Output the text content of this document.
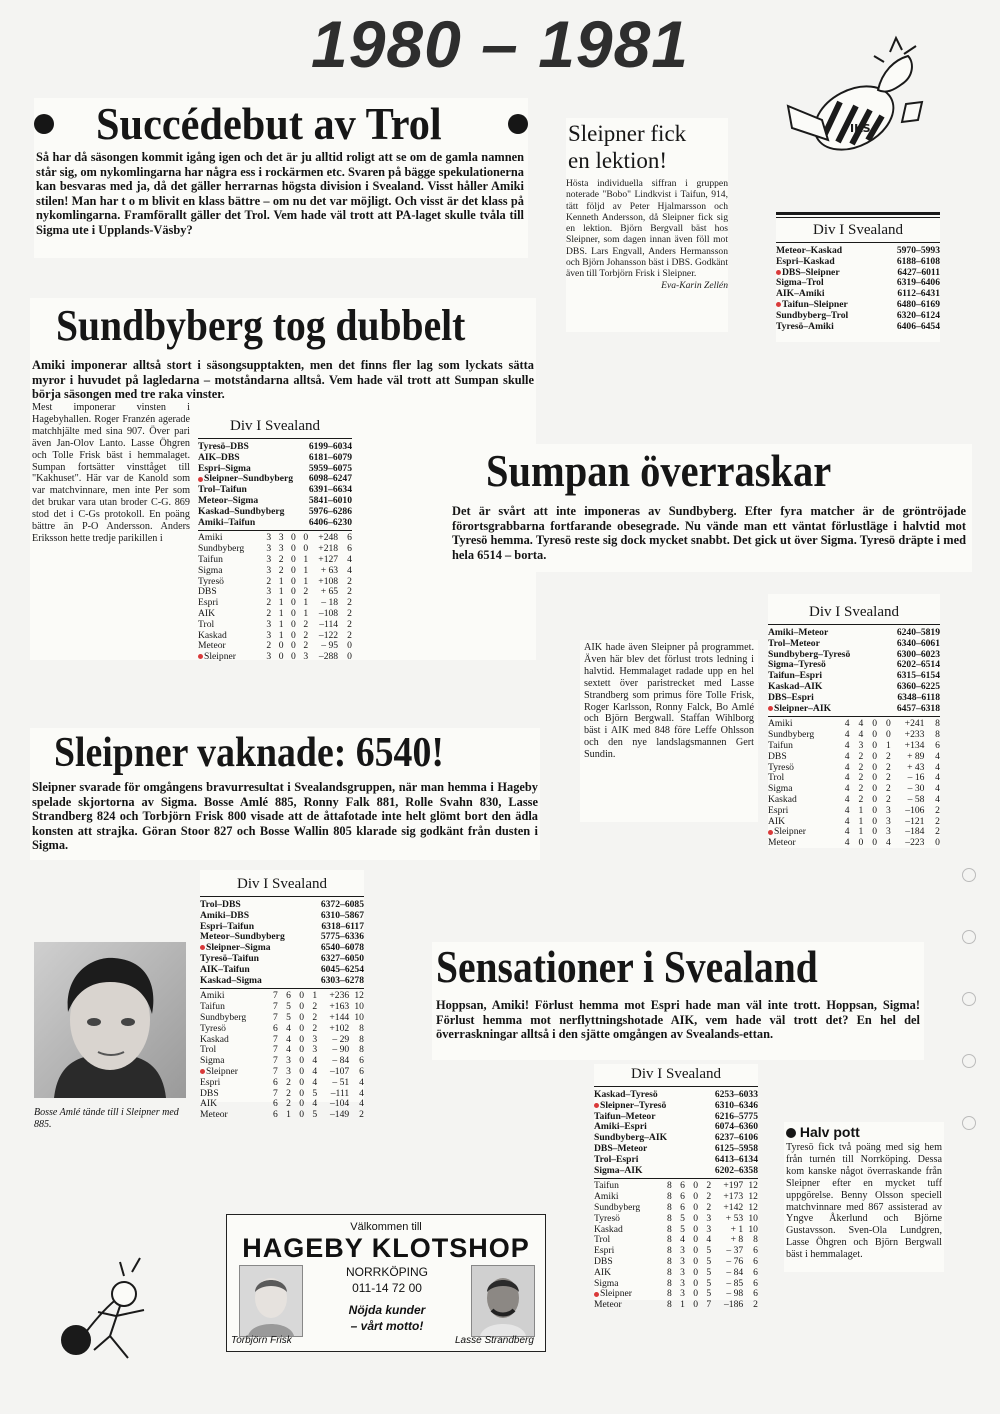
1980 – 1981
Succédebut av Trol
Så har då säsongen kommit igång igen och det är ju alltid roligt att se om de gamla namnen står sig, om nykomlingarna har några ess i rockärmen etc. Svaren på bägge spekulationerna kan besvaras med ja, då det gäller herrarnas högsta division i Svealand. Visst håller Amiki stilen! Man har t o m blivit en klass bättre – om nu det var möjligt. Och visst är det klass på nykomlingarna. Framförallt gäller det Trol. Vem hade väl trott att PA-laget skulle tvåla till Sigma ute i Upplands-Väsby?
Sleipner fick
en lektion!
Hösta individuella siffran i gruppen noterade "Bobo" Lindkvist i Taifun, 914, tätt följd av Peter Hjalmarsson och Kenneth Andersson, då Sleipner fick sig en lektion. Björn Bergvall bäst hos Sleipner, som dagen innan även föll mot DBS. Lars Engvall, Anders Hermansson och Björn Johansson bäst i DBS. Godkänt även till Torbjörn Frisk i Sleipner.
Eva-Karin Zellén
IKS
Div I Svealand
Meteor–Kaskad	5970–5993
Espri–Kaskad	6188–6108
DBS–Sleipner	6427–6011
Sigma–Trol	6319–6406
AIK–Amiki	6112–6431
Taifun–Sleipner	6480–6169
Sundbyberg–Trol	6320–6124
Tyresö–Amiki	6406–6454
Sundbyberg tog dubbelt
Amiki imponerar alltså stort i säsongsupptakten, men det finns fler lag som lyckats sätta myror i huvudet på lagledarna – motståndarna alltså. Vem hade väl trott att Sumpan skulle börja säsongen med tre raka vinster.
Mest imponerar vinsten i Hagebyhallen. Roger Franzén agerade matchhjälte med sina 907. Över pari även Jan-Olov Lanto. Lasse Öhgren och Tolle Frisk bäst i hemmalaget. Sumpan fortsätter vinsttåget till "Kakhuset". Här var de Kanold som var matchvinnare, men inte Per som det brukar vara utan broder C-G. 869 stod det i C-Gs protokoll. En poäng bättre än P-O Andersson. Anders Eriksson hette tredje parikillen i
Div I Svealand
Tyresö–DBS	6199–6034
AIK–DBS	6181–6079
Espri–Sigma	5959–6075
Sleipner–Sundbyberg 6098–6247
Trol–Taifun	6391–6634
Meteor–Sigma	5841–6010
Kaskad–Sundbyberg	5976–6286
Amiki–Taifun	6406–6230
Amiki	3 3 0 0	+248 6
Sundbyberg	3 3 0 0	+218 6
Taifun	3 2 0 1	+127 4
Sigma	3 2 0 1	+ 63 4
Tyresö	2 1 0 1	+108 2
DBS	3 1 0 2	+ 65 2
Espri	2 1 0 1	– 18 2
AIK	2 1 0 1	–108 2
Trol	3 1 0 2	–114 2
Kaskad	3 1 0 2	–122 2
Meteor	2 0 0 2	– 95 0
Sleipner	3 0 0 3	–288 0
Sumpan överraskar
Det är svårt att inte imponeras av Sundbyberg. Efter fyra matcher är de gröntröjade förortsgrabbarna fortfarande obesegrade. Nu vände man ett väntat förlustläge i halvtid mot Tyresö hemma. Tyresö reste sig dock mycket snabbt. Det gick ut över Sigma. Tyresö dräpte i med hela 6514 – borta.
AIK hade även Sleipner på programmet. Även här blev det förlust trots ledning i halvtid. Hemmalaget radade upp en hel sextett över paristrecket med Lasse Strandberg som primus före Tolle Frisk, Roger Karlsson, Ronny Falck, Bo Amlé och Björn Bergwall. Staffan Wihlborg bäst i AIK med 848 före Leffe Ohlsson och den nye landslagsmannen Gert Sundin.
Div I Svealand
Amiki–Meteor	6240–5819
Trol–Meteor	6340–6061
Sundbyberg–Tyresö	6300–6023
Sigma–Tyresö	6202–6514
Taifun–Espri	6315–6154
Kaskad–AIK	6360–6225
DBS–Espri	6348–6118
Sleipner–AIK	6457–6318
Amiki	4 4 0 0	+241	8
Sundbyberg	4 4 0 0	+233	8
Taifun	4 3 0 1	+134	6
DBS	4 2 0 2	+ 89	4
Tyresö	4 2 0 2	+ 43	4
Trol	4 2 0 2	– 16	4
Sigma	4 2 0 2	– 30	4
Kaskad	4 2 0 2	– 58	4
Espri	4 1 0 3	–106	2
AIK	4 1 0 3	–121	2
Sleipner	4 1 0 3	–184	2
Meteor	4 0 0 4	–223	0
Sleipner vaknade: 6540!
Sleipner svarade för omgångens bravurresultat i Svealandsgruppen, när man hemma i Hageby spelade skjortorna av Sigma. Bosse Amlé 885, Ronny Falk 881, Rolle Svahn 830, Lasse Strandberg 824 och Torbjörn Frisk 800 visade att de åttafotade inte helt glömt bort den ädla konsten att strajka. Göran Stoor 827 och Bosse Wallin 805 klarade sig godkänt från dusten i Sigma.
Div I Svealand
Trol–DBS	6372–6085
Amiki–DBS	6310–5867
Espri–Taifun	6318–6117
Meteor–Sundbyberg	5775–6336
Sleipner–Sigma	6540–6078
Tyresö–Taifun	6327–6050
AIK–Taifun	6045–6254
Kaskad–Sigma	6303–6278
Amiki	7 6 0 1	+236 12
Taifun	7 5 0 2	+163 10
Sundbyberg	7 5 0 2	+144 10
Tyresö	6 4 0 2	+102	8
Kaskad	7 4 0 3	– 29	8
Trol	7 4 0 3	– 90	8
Sigma	7 3 0 4	– 84	6
Sleipner	7 3 0 4	–107	6
Espri	6 2 0 4	– 51	4
DBS	7 2 0 5	–111	4
AIK	6 2 0 4	–104	4
Meteor	6 1 0 5	–149	2
Bosse Amlé tände till i Sleipner med 885.
Sensationer i Svealand
Hoppsan, Amiki! Förlust hemma mot Espri hade man väl inte trott. Hoppsan, Sigma! Förlust hemma mot nerflyttningshotade AIK, vem hade väl trott det? En hel del överraskningar alltså i den sjätte omgången av Svealands-ettan.
Div I Svealand
Kaskad–Tyresö	6253–6033
Sleipner–Tyresö	6310–6346
Taifun–Meteor	6216–5775
Amiki–Espri	6074–6360
Sundbyberg–AIK	6237–6106
DBS–Meteor	6125–5958
Trol–Espri	6413–6134
Sigma–AIK	6202–6358
Taifun	8 6 0 2	+197 12
Amiki	8 6 0 2	+173 12
Sundbyberg	8 6 0 2	+142 12
Tyresö	8 5 0 3	+ 53 10
Kaskad	8 5 0 3	+ 1 10
Trol	8 4 0 4	+ 8	8
Espri	8 3 0 5	– 37	6
DBS	8 3 0 5	– 76	6
AIK	8 3 0 5	– 84	6
Sigma	8 3 0 5	– 85	6
Sleipner	8 3 0 5	– 98	6
Meteor	8 1 0 7	–186	2
Halv pott
Tyresö fick två poäng med sig hem från turnén till Norrköping. Dessa kom kanske något överraskande från Sleipner efter en mycket tuff uppgörelse. Benny Olsson speciell matchvinnare med 867 assisterad av Yngve Åkerlund och Björne Gustavsson. Sven-Ola Lundgren, Lasse Öhgren och Björn Bergwall bäst i hemmalaget.
Välkommen till
HAGEBY KLOTSHOP
Torbjörn Frisk	Lasse Strandberg
NORRKÖPING
011-14 72 00
Nöjda kunder
– vårt motto!
